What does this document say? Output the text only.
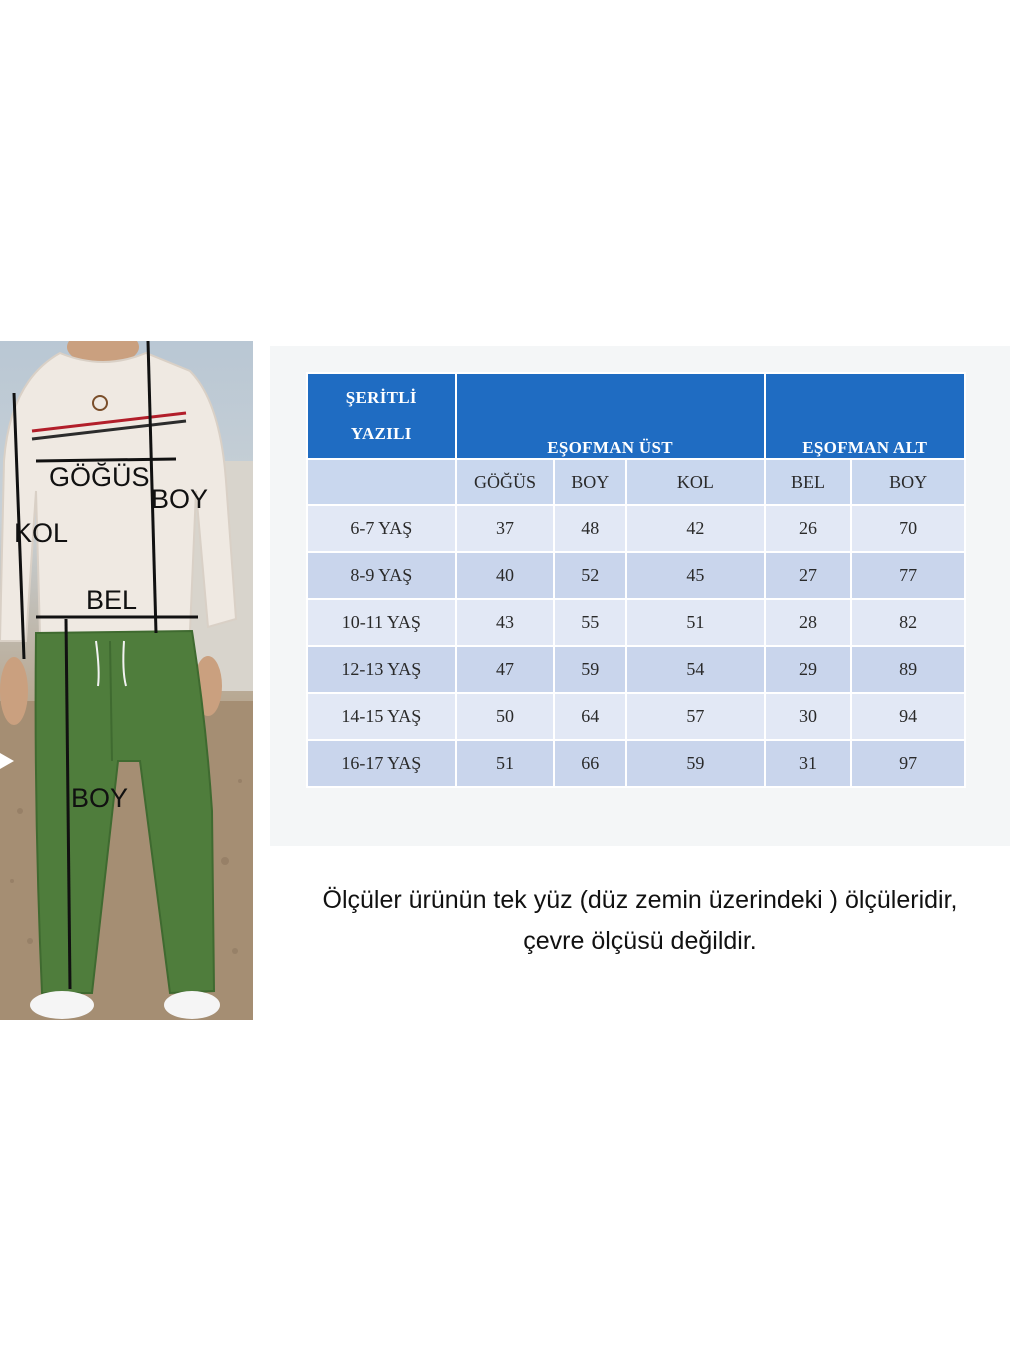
GÖĞÜS
BOY
KOL
BEL
BOY
ŞERİTLİ
YAZILI	EŞOFMAN ÜST			EŞOFMAN ALT	
	GÖĞÜS	BOY	KOL	BEL	BOY
6-7 YAŞ	37	48	42	26	70
8-9 YAŞ	40	52	45	27	77
10-11 YAŞ	43	55	51	28	82
12-13 YAŞ	47	59	54	29	89
14-15 YAŞ	50	64	57	30	94
16-17 YAŞ	51	66	59	31	97
Ölçüler ürünün tek yüz (düz zemin üzerindeki ) ölçüleridir,
çevre ölçüsü değildir.
